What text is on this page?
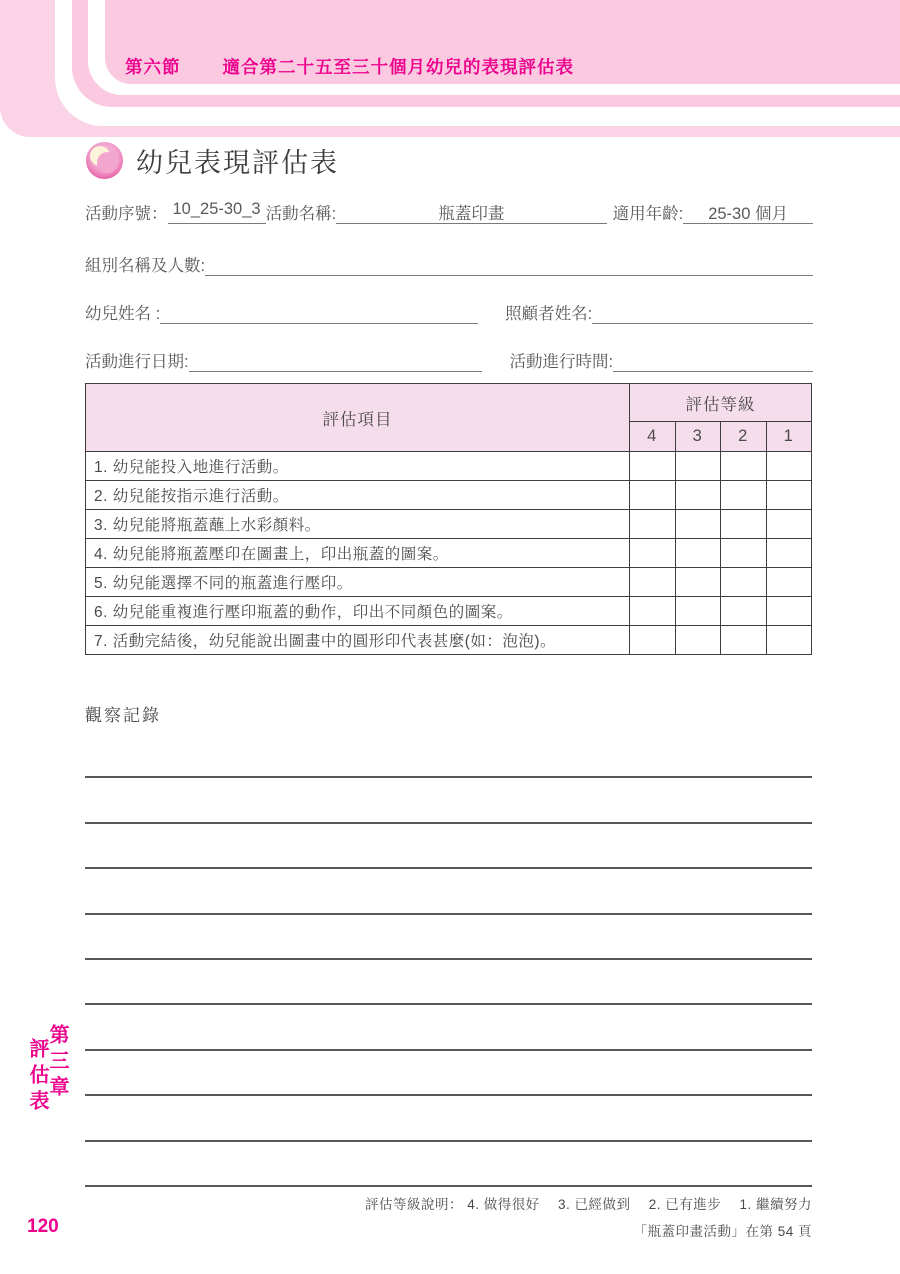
第六節 適合第二十五至三十個月幼兒的表現評估表
幼兒表現評估表
活動序號： 10_25-30_3 活動名稱:	瓶蓋印畫	適用年齡:	25-30 個月
組別名稱及人數:
幼兒姓名 :	照顧者姓名:
活動進行日期:	活動進行時間:
評估項目	評估等級			
	4	3	2	1
1. 幼兒能投入地進行活動。				
2. 幼兒能按指示進行活動。				
3. 幼兒能將瓶蓋蘸上水彩顏料。				
4. 幼兒能將瓶蓋壓印在圖畫上，印出瓶蓋的圖案。				
5. 幼兒能選擇不同的瓶蓋進行壓印。				
6. 幼兒能重複進行壓印瓶蓋的動作，印出不同顏色的圖案。				
7. 活動完結後，幼兒能說出圖畫中的圓形印代表甚麼(如：泡泡)。				
觀察記錄
評估等級說明： 4. 做得很好　 3. 已經做到　 2. 已有進步　 1. 繼續努力
「瓶蓋印畫活動」在第 54 頁
第三章
評估表
120
